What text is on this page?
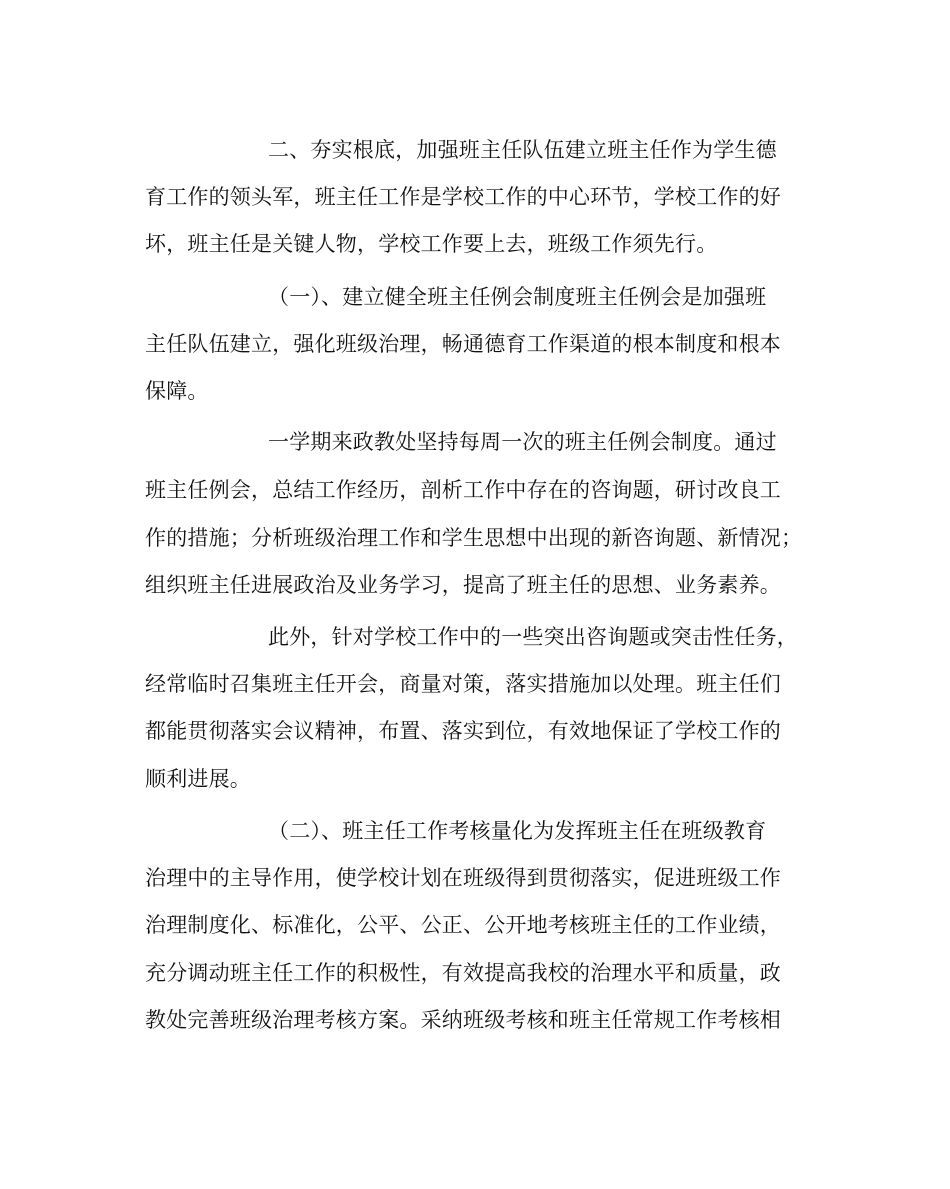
二、夯实根底，加强班主任队伍建立班主任作为学生德
育工作的领头军，班主任工作是学校工作的中心环节，学校工作的好
坏，班主任是关键人物，学校工作要上去，班级工作须先行。
（一）、建立健全班主任例会制度班主任例会是加强班
主任队伍建立，强化班级治理，畅通德育工作渠道的根本制度和根本
保障。
一学期来政教处坚持每周一次的班主任例会制度。通过
班主任例会，总结工作经历，剖析工作中存在的咨询题，研讨改良工
作的措施；分析班级治理工作和学生思想中出现的新咨询题、新情况；
组织班主任进展政治及业务学习，提高了班主任的思想、业务素养。
此外，针对学校工作中的一些突出咨询题或突击性任务，
经常临时召集班主任开会，商量对策，落实措施加以处理。班主任们
都能贯彻落实会议精神，布置、落实到位，有效地保证了学校工作的
顺利进展。
（二）、班主任工作考核量化为发挥班主任在班级教育
治理中的主导作用，使学校计划在班级得到贯彻落实，促进班级工作
治理制度化、标准化，公平、公正、公开地考核班主任的工作业绩，
充分调动班主任工作的积极性，有效提高我校的治理水平和质量，政
教处完善班级治理考核方案。采纳班级考核和班主任常规工作考核相
